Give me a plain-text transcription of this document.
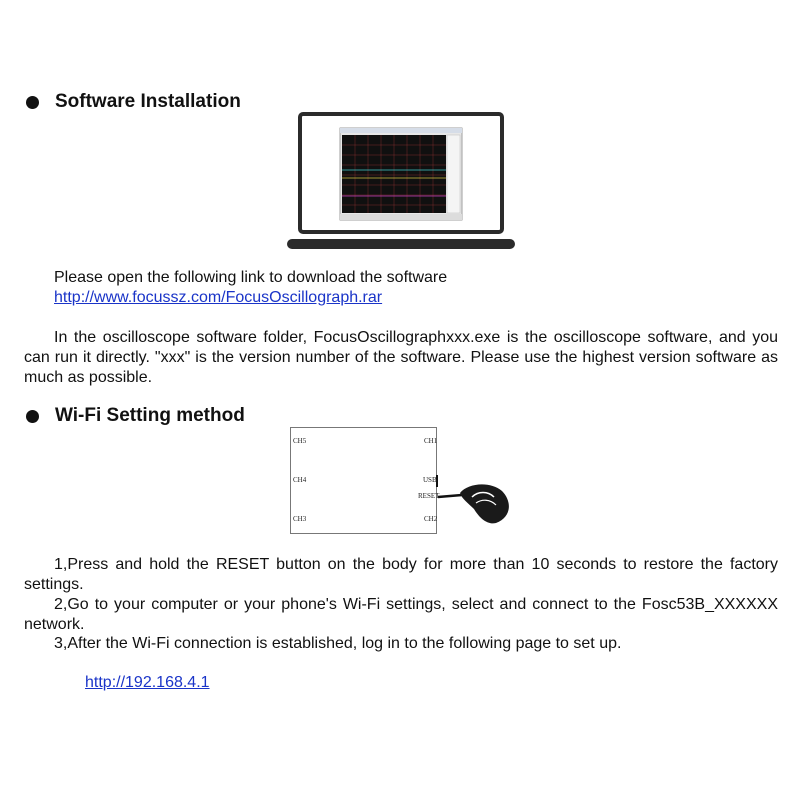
Software Installation
Please open the following link to download the software
http://www.focussz.com/FocusOscillograph.rar
In the oscilloscope software folder, FocusOscillographxxx.exe is the oscilloscope software, and you can run it directly. "xxx" is the version number of the software. Please use the highest version software as much as possible.
Wi-Fi Setting method
CH5	CH1
CH4	USB
RESET
CH3	CH2
1,Press and hold the RESET button on the body for more than 10 seconds to restore the factory settings.
2,Go to your computer or your phone's Wi-Fi settings, select and connect to the Fosc53B_XXXXXX network.
3,After the Wi-Fi connection is established, log in to the following page to set up.
http://192.168.4.1
